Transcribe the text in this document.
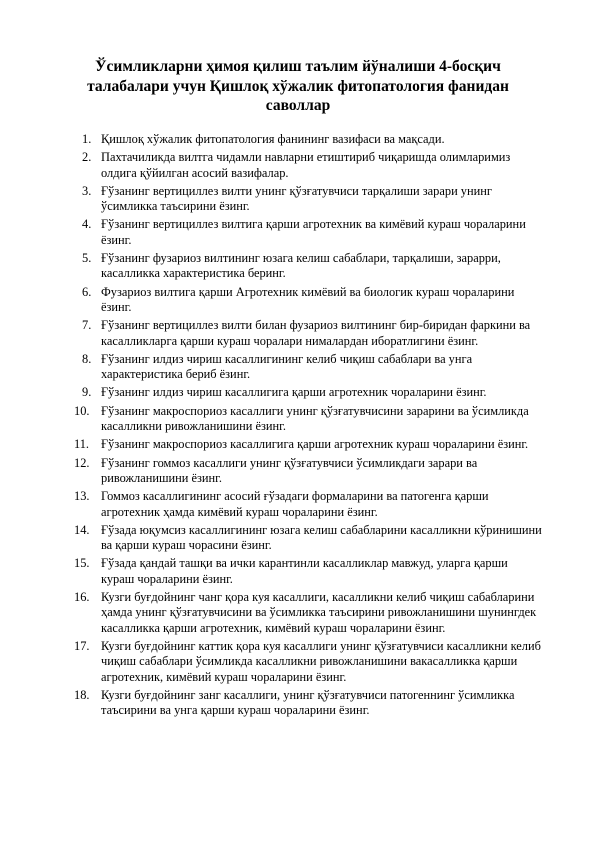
Ўсимликларни ҳимоя қилиш таълим йўналиши 4-босқич талабалари учун Қишлоқ хўжалик фитопатология фанидан саволлар
1. Қишлоқ хўжалик фитопатология фанининг вазифаси ва мақсади.
2. Пахтачиликда вилтга чидамли навларни етиштириб чиқаришда олимларимиз олдига қўйилган асосий вазифалар.
3. Ғўзанинг вертициллез вилти унинг қўзғатувчиси тарқалиши зарари унинг ўсимликка таъсирини ёзинг.
4. Ғўзанинг вертициллез вилтига қарши агротехник ва кимёвий кураш чораларини ёзинг.
5. Ғўзанинг фузариоз вилтининг юзага келиш сабаблари, тарқалиши, зарарри, касалликка характеристика беринг.
6. Фузариоз вилтига қарши Агротехник кимёвий ва биологик кураш чораларини ёзинг.
7. Ғўзанинг вертициллез вилти билан фузариоз вилтининг бир-биридан фаркини ва касалликларга қарши кураш чоралари нималардан иборатлигини ёзинг.
8. Ғўзанинг илдиз чириш касаллигининг келиб чиқиш сабаблари ва унга характеристика бериб ёзинг.
9. Ғўзанинг илдиз чириш касаллигига қарши агротехник чораларини ёзинг.
10. Ғўзанинг макроспориоз касаллиги унинг қўзғатувчисини зарарини ва ўсимликда касалликни ривожланишини ёзинг.
11. Ғўзанинг макроспориоз касаллигига қарши агротехник кураш чораларини ёзинг.
12. Ғўзанинг гоммоз касаллиги унинг қўзғатувчиси ўсимликдаги зарари ва ривожланишини ёзинг.
13. Гоммоз касаллигининг асосий ғўзадаги формаларини ва патогенга қарши агротехник ҳамда кимёвий кураш чораларини ёзинг.
14. Ғўзада юқумсиз касаллигининг юзага келиш сабабларини касалликни кўринишини ва қарши кураш чорасини ёзинг.
15. Ғўзада қандай ташқи ва ички карантинли касалликлар мавжуд, уларга қарши кураш чораларини ёзинг.
16. Кузги буғдойнинг чанг қора куя касаллиги, касалликни келиб чиқиш сабабларини ҳамда унинг қўзғатувчисини ва ўсимликка таъсирини ривожланишини шунингдек касалликка қарши агротехник, кимёвий кураш чораларини ёзинг.
17. Кузги буғдойнинг каттик қора куя касаллиги унинг қўзғатувчиси касалликни келиб чиқиш сабаблари ўсимликда касалликни ривожланишини вакасалликка қарши агротехник, кимёвий кураш чораларини ёзинг.
18. Кузги буғдойнинг занг касаллиги, унинг қўзғатувчиси патогеннинг ўсимликка таъсирини ва унга қарши кураш чораларини ёзинг.
